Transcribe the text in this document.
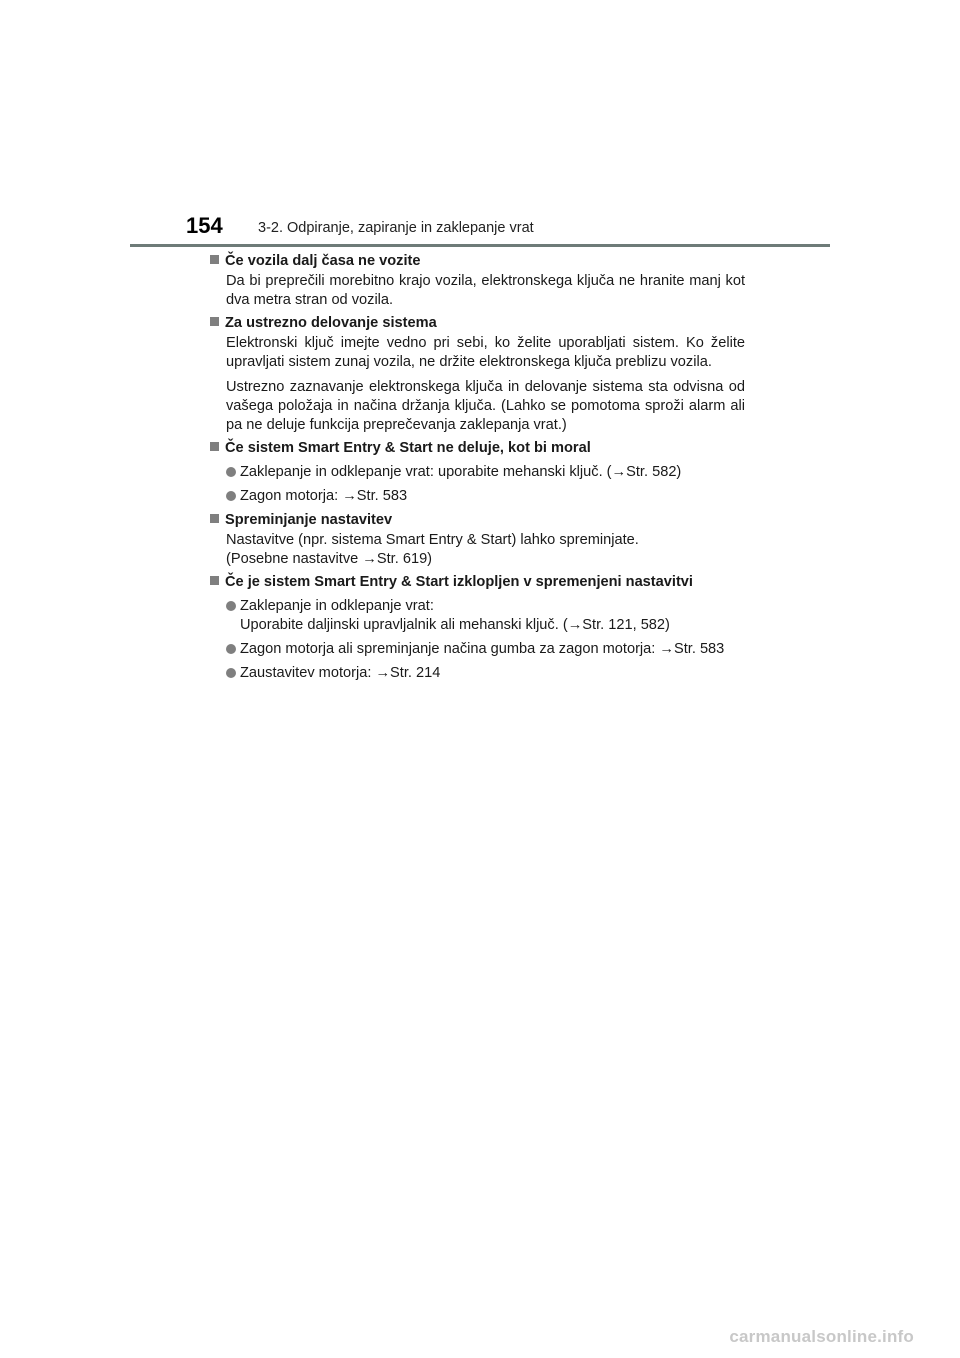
154 3-2. Odpiranje, zapiranje in zaklepanje vrat
Če vozila dalj časa ne vozite
Da bi preprečili morebitno krajo vozila, elektronskega ključa ne hranite manj kot dva metra stran od vozila.
Za ustrezno delovanje sistema
Elektronski ključ imejte vedno pri sebi, ko želite uporabljati sistem. Ko želite upravljati sistem zunaj vozila, ne držite elektronskega ključa preblizu vozila.
Ustrezno zaznavanje elektronskega ključa in delovanje sistema sta odvisna od vašega položaja in načina držanja ključa. (Lahko se pomotoma sproži alarm ali pa ne deluje funkcija preprečevanja zaklepanja vrat.)
Če sistem Smart Entry & Start ne deluje, kot bi moral
Zaklepanje in odklepanje vrat: uporabite mehanski ključ. (→Str. 582)
Zagon motorja: →Str. 583
Spreminjanje nastavitev
Nastavitve (npr. sistema Smart Entry & Start) lahko spreminjate.
(Posebne nastavitve →Str. 619)
Če je sistem Smart Entry & Start izklopljen v spremenjeni nastavitvi
Zaklepanje in odklepanje vrat:
Uporabite daljinski upravljalnik ali mehanski ključ. (→Str. 121, 582)
Zagon motorja ali spreminjanje načina gumba za zagon motorja: →Str. 583
Zaustavitev motorja: →Str. 214
carmanualsonline.info
